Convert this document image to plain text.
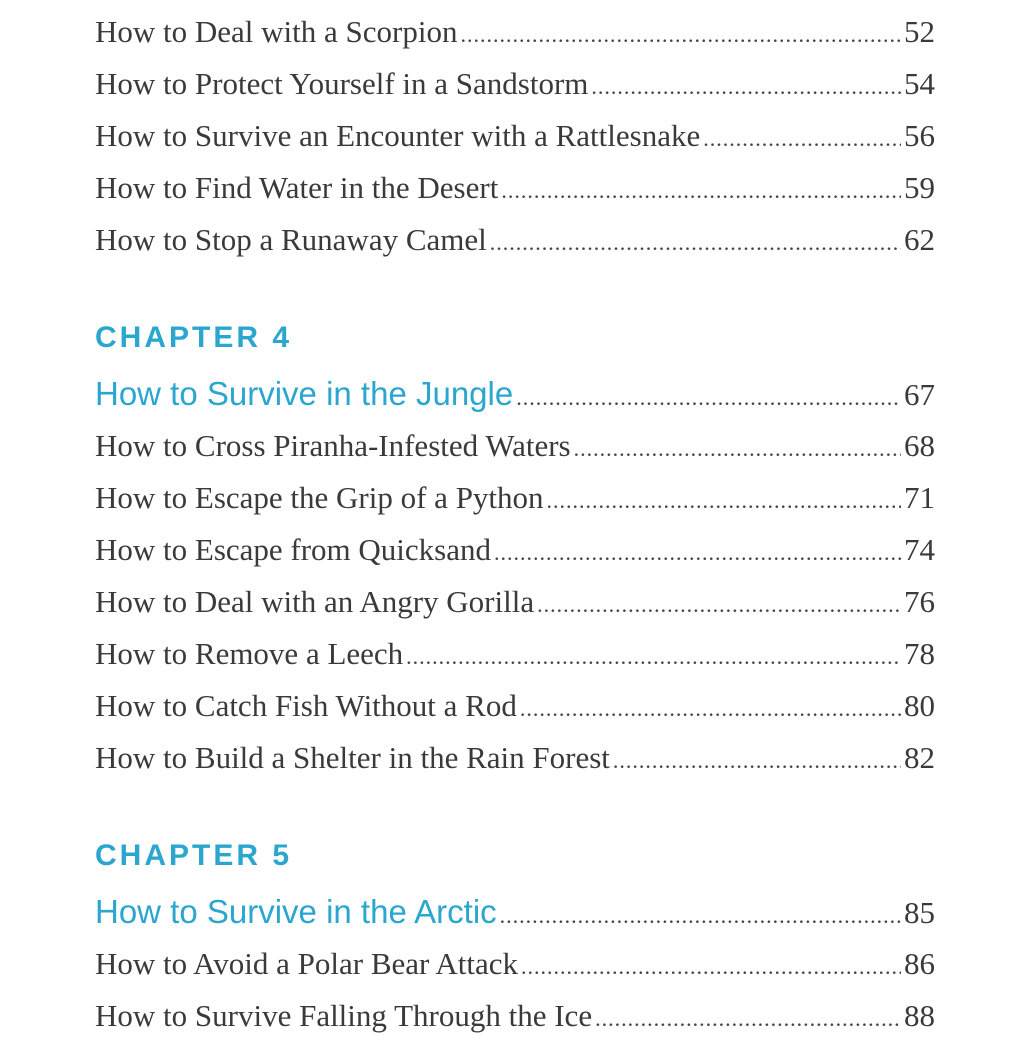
How to Deal with a Scorpion .....	52
How to Protect Yourself in a Sandstorm .....	54
How to Survive an Encounter with a Rattlesnake .....	56
How to Find Water in the Desert .....	59
How to Stop a Runaway Camel .....	62
CHAPTER 4
How to Survive in the Jungle .....	67
How to Cross Piranha-Infested Waters .....	68
How to Escape the Grip of a Python .....	71
How to Escape from Quicksand .....	74
How to Deal with an Angry Gorilla .....	76
How to Remove a Leech .....	78
How to Catch Fish Without a Rod .....	80
How to Build a Shelter in the Rain Forest .....	82
CHAPTER 5
How to Survive in the Arctic .....	85
How to Avoid a Polar Bear Attack .....	86
How to Survive Falling Through the Ice .....	88
